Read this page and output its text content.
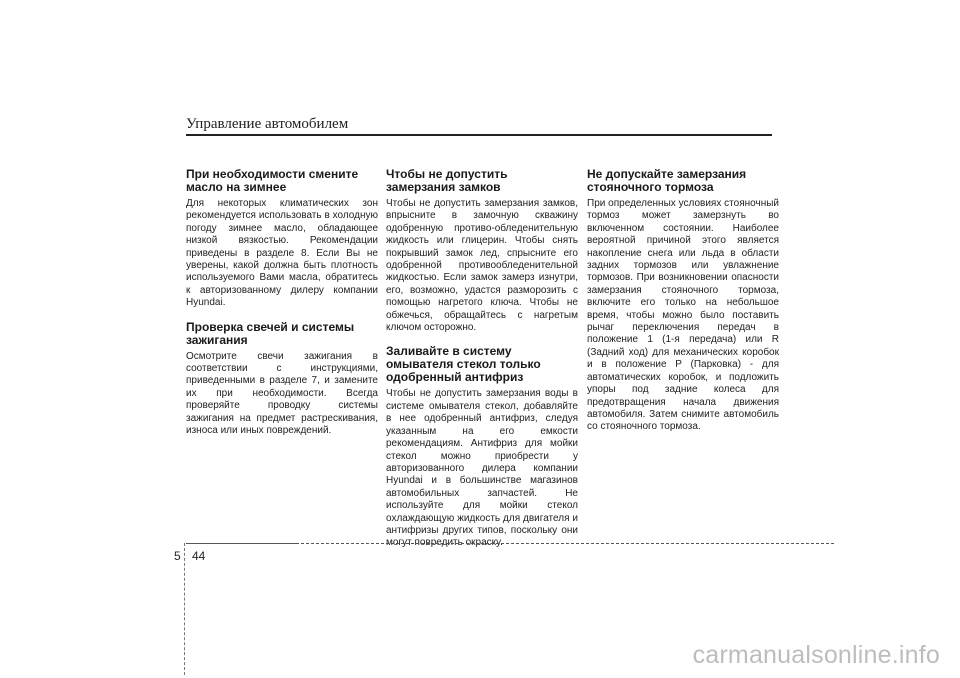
Управление автомобилем

При необходимости смените масло на зимнее

Для некоторых климатических зон рекомендуется использовать в холодную погоду зимнее масло, обладающее низкой вязкостью. Рекомендации приведены в разделе 8. Если Вы не уверены, какой должна быть плотность используемого Вами масла, обратитесь к авторизованному дилеру компании Hyundai.

Проверка свечей и системы зажигания

Осмотрите свечи зажигания в соответствии с инструкциями, приведенными в разделе 7, и замените их при необходимости. Всегда проверяйте проводку системы зажигания на предмет растрескивания, износа или иных повреждений.

Чтобы не допустить замерзания замков

Чтобы не допустить замерзания замков, впрысните в замочную скважину одобренную противо-обледенительную жидкость или глицерин. Чтобы снять покрывший замок лед, спрысните его одобренной противообледенительной жидкостью. Если замок замерз изнутри, его, возможно, удастся разморозить с помощью нагретого ключа. Чтобы не обжечься, обращайтесь с нагретым ключом осторожно.

Заливайте в систему омывателя стекол только одобренный антифриз

Чтобы не допустить замерзания воды в системе омывателя стекол, добавляйте в нее одобренный антифриз, следуя указанным на его емкости рекомендациям. Антифриз для мойки стекол можно приобрести у авторизованного дилера компании Hyundai и в большинстве магазинов автомобильных запчастей. Не используйте для мойки стекол охлаждающую жидкость для двигателя и антифризы других типов, поскольку они могут повредить окраску.

Не допускайте замерзания стояночного тормоза

При определенных условиях стояночный тормоз может замерзнуть во включенном состоянии. Наиболее вероятной причиной этого является накопление снега или льда в области задних тормозов или увлажнение тормозов. При возникновении опасности замерзания стояночного тормоза, включите его только на небольшое время, чтобы можно было поставить рычаг переключения передач в положение 1 (1-я передача) или R (Задний ход) для механических коробок и в положение P (Парковка) - для автоматических коробок, и подложить упоры под задние колеса для предотвращения начала движения автомобиля. Затем снимите автомобиль со стояночного тормоза.

5 44
carmanualsonline.info
